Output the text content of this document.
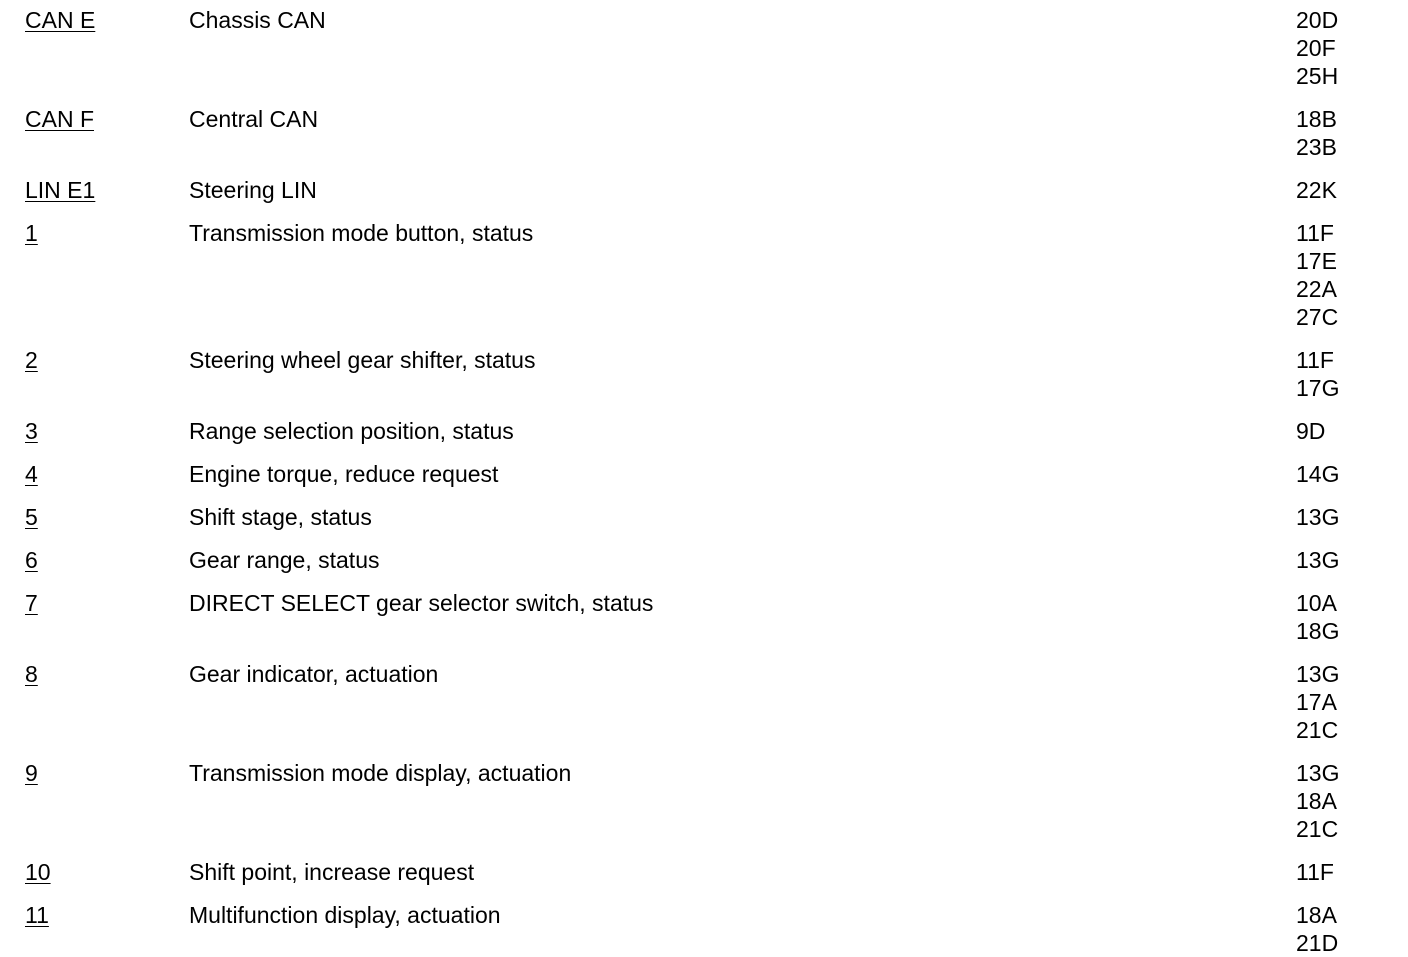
CAN E	Chassis CAN	20D
20F
25H
CAN F	Central CAN	18B
23B
LIN E1	Steering LIN	22K
1	Transmission mode button, status	11F
17E
22A
27C
2	Steering wheel gear shifter, status	11F
17G
3	Range selection position, status	9D
4	Engine torque, reduce request	14G
5	Shift stage, status	13G
6	Gear range, status	13G
7	DIRECT SELECT gear selector switch, status	10A
18G
8	Gear indicator, actuation	13G
17A
21C
9	Transmission mode display, actuation	13G
18A
21C
10	Shift point, increase request	11F
11	Multifunction display, actuation	18A
21D
